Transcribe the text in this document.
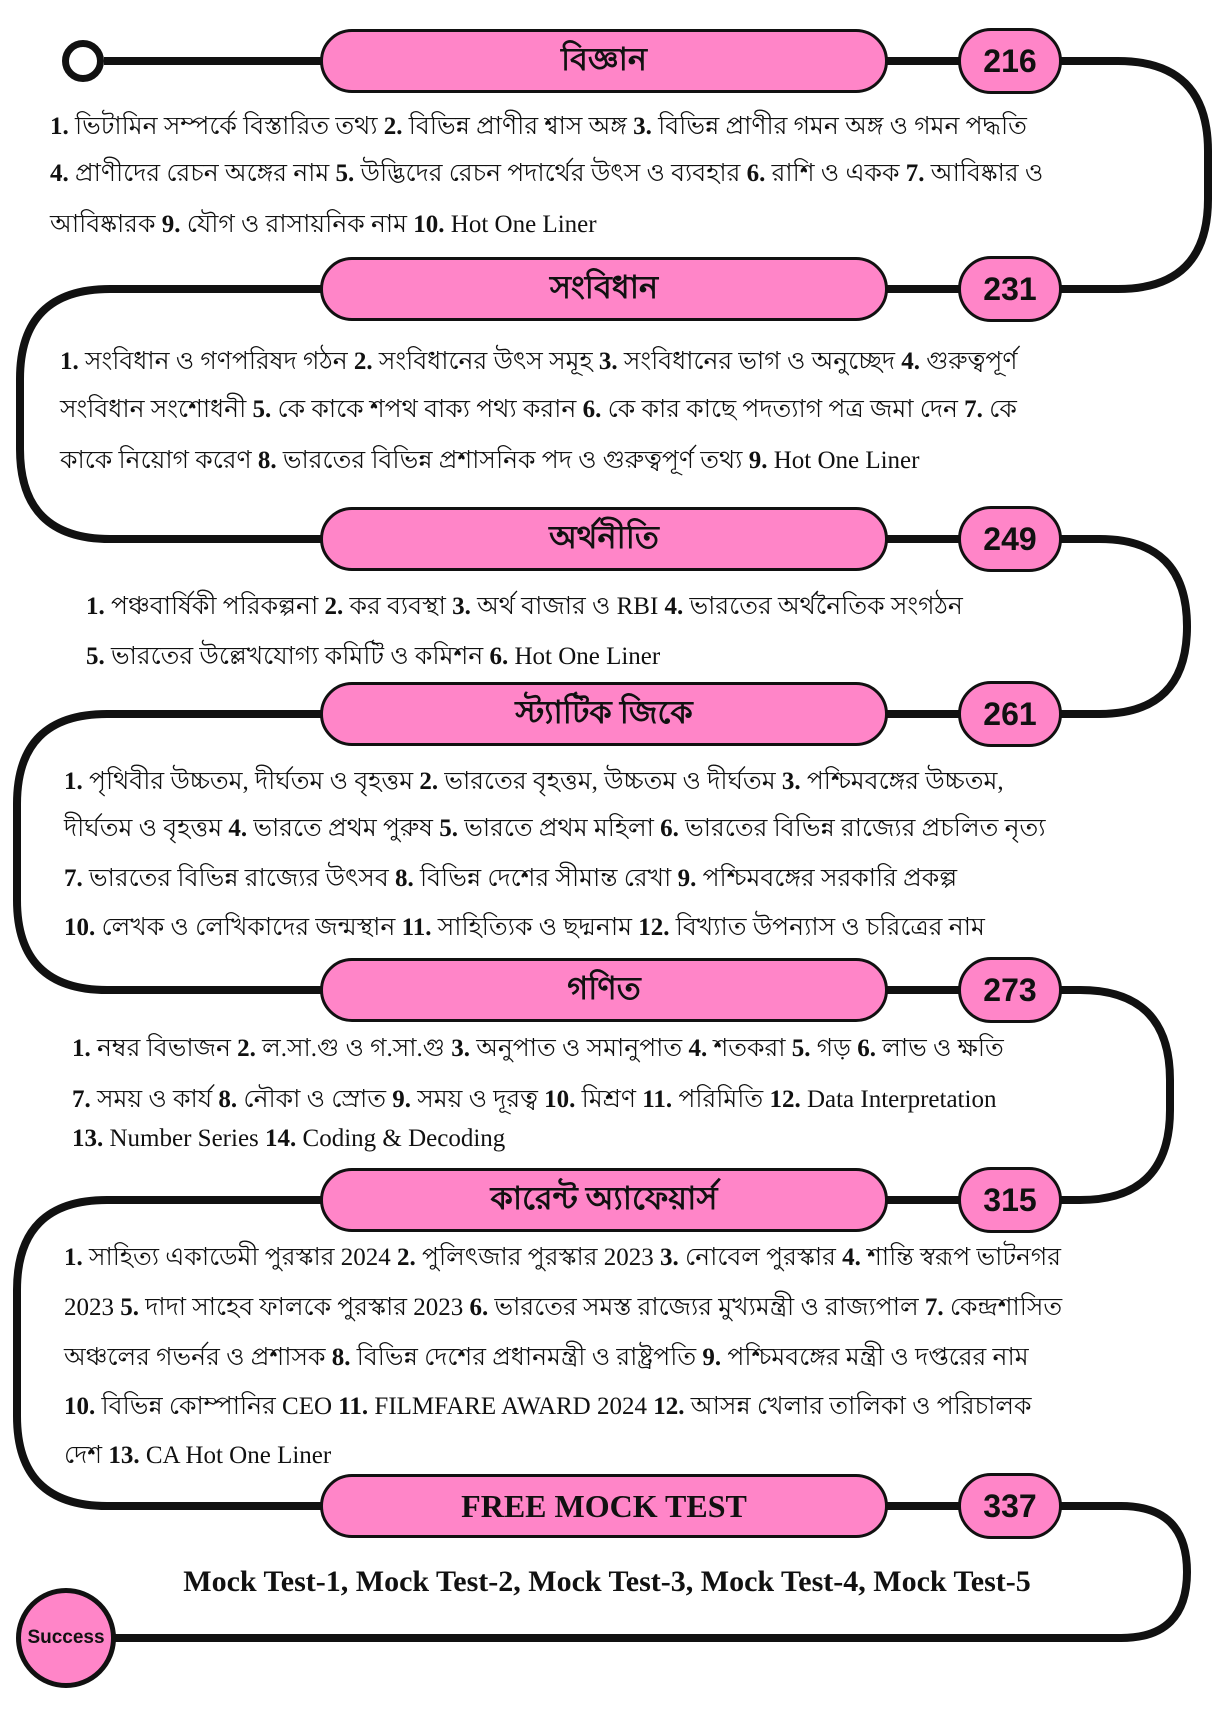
বিজ্ঞান	216
1. ভিটামিন সম্পর্কে বিস্তারিত তথ্য 2. বিভিন্ন প্রাণীর শ্বাস অঙ্গ 3. বিভিন্ন প্রাণীর গমন অঙ্গ ও গমন পদ্ধতি
4. প্রাণীদের রেচন অঙ্গের নাম 5. উদ্ভিদের রেচন পদার্থের উৎস ও ব্যবহার 6. রাশি ও একক 7. আবিষ্কার ও
আবিষ্কারক 9. যৌগ ও রাসায়নিক নাম 10. Hot One Liner
সংবিধান	231
1. সংবিধান ও গণপরিষদ গঠন 2. সংবিধানের উৎস সমূহ 3. সংবিধানের ভাগ ও অনুচ্ছেদ 4. গুরুত্বপূর্ণ
সংবিধান সংশোধনী 5. কে কাকে শপথ বাক্য পথ্য করান 6. কে কার কাছে পদত্যাগ পত্র জমা দেন 7. কে
কাকে নিয়োগ করেণ 8. ভারতের বিভিন্ন প্রশাসনিক পদ ও গুরুত্বপূর্ণ তথ্য 9. Hot One Liner
অর্থনীতি	249
1. পঞ্চবার্ষিকী পরিকল্পনা 2. কর ব্যবস্থা 3. অর্থ বাজার ও RBI 4. ভারতের অর্থনৈতিক সংগঠন
5. ভারতের উল্লেখযোগ্য কমিটি ও কমিশন 6. Hot One Liner
স্ট্যাটিক জিকে	261
1. পৃথিবীর উচ্চতম, দীর্ঘতম ও বৃহত্তম 2. ভারতের বৃহত্তম, উচ্চতম ও দীর্ঘতম 3. পশ্চিমবঙ্গের উচ্চতম,
দীর্ঘতম ও বৃহত্তম 4. ভারতে প্রথম পুরুষ 5. ভারতে প্রথম মহিলা 6. ভারতের বিভিন্ন রাজ্যের প্রচলিত নৃত্য
7. ভারতের বিভিন্ন রাজ্যের উৎসব 8. বিভিন্ন দেশের সীমান্ত রেখা 9. পশ্চিমবঙ্গের সরকারি প্রকল্প
10. লেখক ও লেখিকাদের জন্মস্থান 11. সাহিত্যিক ও ছদ্মনাম 12. বিখ্যাত উপন্যাস ও চরিত্রের নাম
গণিত	273
1. নম্বর বিভাজন 2. ল.সা.গু ও গ.সা.গু 3. অনুপাত ও সমানুপাত 4. শতকরা 5. গড় 6. লাভ ও ক্ষতি
7. সময় ও কার্য 8. নৌকা ও স্রোত 9. সময় ও দূরত্ব 10. মিশ্রণ 11. পরিমিতি 12. Data Interpretation
13. Number Series 14. Coding & Decoding
কারেন্ট অ্যাফেয়ার্স	315
1. সাহিত্য একাডেমী পুরস্কার 2024 2. পুলিৎজার পুরস্কার 2023 3. নোবেল পুরস্কার 4. শান্তি স্বরূপ ভাটনগর
2023 5. দাদা সাহেব ফালকে পুরস্কার 2023 6. ভারতের সমস্ত রাজ্যের মুখ্যমন্ত্রী ও রাজ্যপাল 7. কেন্দ্রশাসিত
অঞ্চলের গভর্নর ও প্রশাসক 8. বিভিন্ন দেশের প্রধানমন্ত্রী ও রাষ্ট্রপতি 9. পশ্চিমবঙ্গের মন্ত্রী ও দপ্তরের নাম
10. বিভিন্ন কোম্পানির CEO 11. FILMFARE AWARD 2024 12. আসন্ন খেলার তালিকা ও পরিচালক
দেশ 13. CA Hot One Liner
FREE MOCK TEST	337
Mock Test-1, Mock Test-2, Mock Test-3, Mock Test-4, Mock Test-5
Success
